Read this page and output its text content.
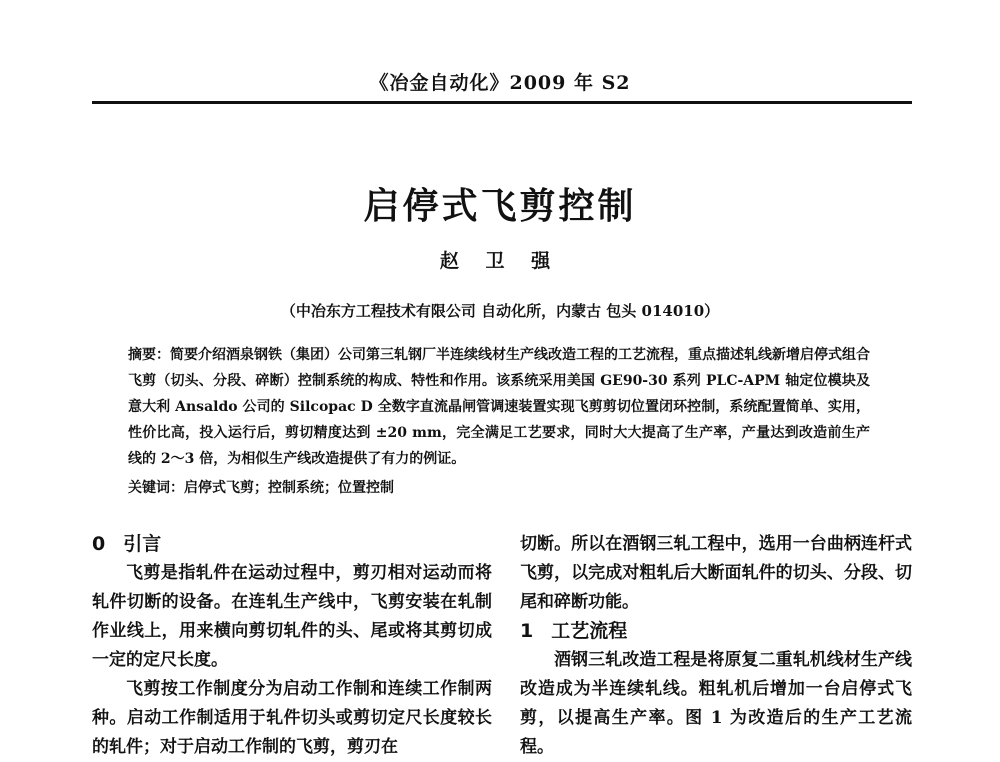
《冶金自动化》2009 年 S2
启停式飞剪控制
赵 卫 强
（中冶东方工程技术有限公司 自动化所，内蒙古 包头 014010）

摘要：简要介绍酒泉钢铁（集团）公司第三轧钢厂半连续线材生产线改造工程的工艺流程，重点描述轧线新增启停式组合飞剪（切头、分段、碎断）控制系统的构成、特性和作用。该系统采用美国 GE90-30 系列 PLC-APM 轴定位模块及意大利 Ansaldo 公司的 Silcopac D 全数字直流晶闸管调速装置实现飞剪剪切位置闭环控制，系统配置简单、实用，性价比高，投入运行后，剪切精度达到 ±20 mm，完全满足工艺要求，同时大大提高了生产率，产量达到改造前生产线的 2～3 倍，为相似生产线改造提供了有力的例证。

关键词：启停式飞剪；控制系统；位置控制
0 引言

飞剪是指轧件在运动过程中，剪刃相对运动而将轧件切断的设备。在连轧生产线中，飞剪安装在轧制作业线上，用来横向剪切轧件的头、尾或将其剪切成一定的定尺长度。

飞剪按工作制度分为启动工作制和连续工作制两种。启动工作制适用于轧件切头或剪切定尺长度较长的轧件；对于启动工作制的飞剪，剪刃在

切断。所以在酒钢三轧工程中，选用一台曲柄连杆式飞剪，以完成对粗轧后大断面轧件的切头、分段、切尾和碎断功能。

1 工艺流程

酒钢三轧改造工程是将原复二重轧机线材生产线改造成为半连续轧线。粗轧机后增加一台启停式飞剪，以提高生产率。图 1 为改造后的生产工艺流程。
